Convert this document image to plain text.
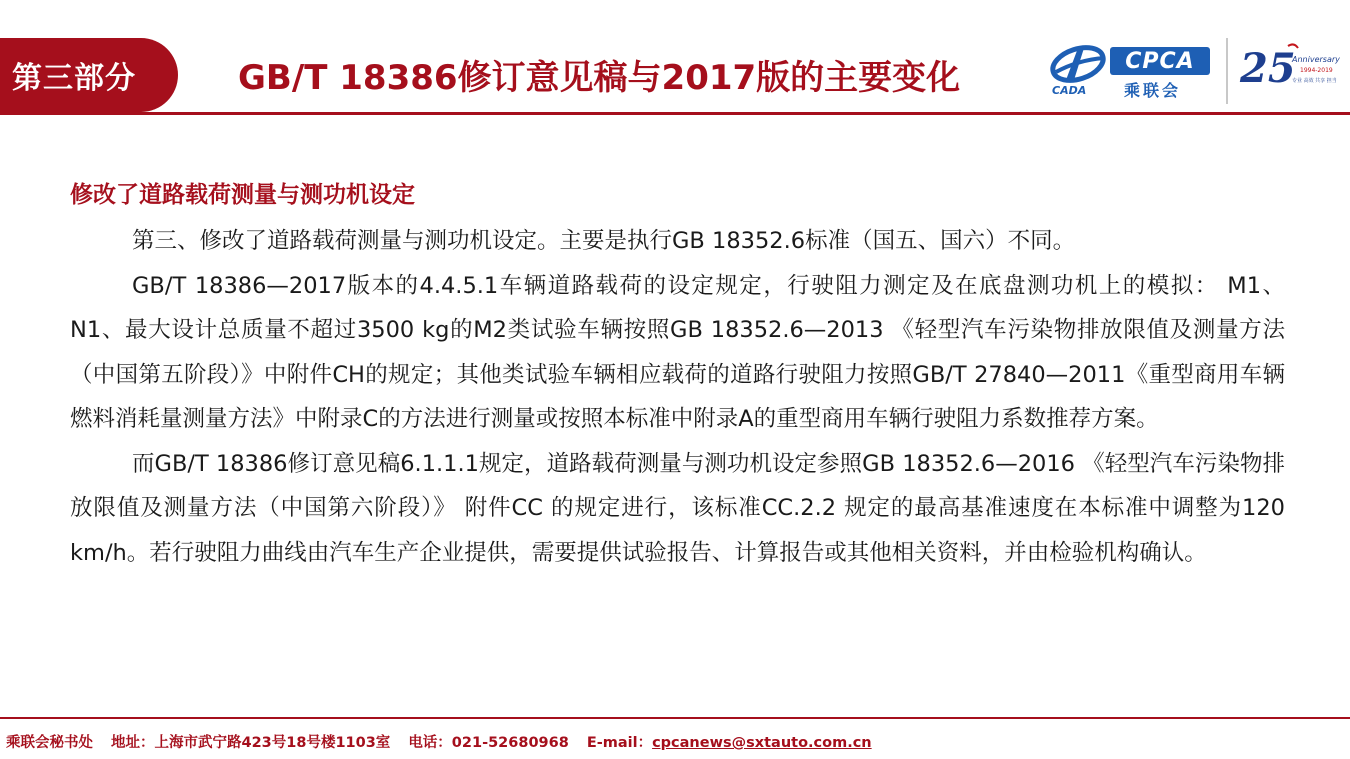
第三部分	GB/T 18386修订意见稿与2017版的主要变化	CADA
CPCA
乘联会 25
Anniversary
1994-2019
专业 高效 共享 担当
修改了道路载荷测量与测功机设定

第三、修改了道路载荷测量与测功机设定。主要是执行GB 18352.6标准（国五、国六）不同。

GB/T 18386—2017版本的4.4.5.1车辆道路载荷的设定规定，行驶阻力测定及在底盘测功机上的模拟： M1、 N1、最大设计总质量不超过3500 kg的M2类试验车辆按照GB 18352.6—2013 《轻型汽车污染物排放限值及测量方法（中国第五阶段）》中附件CH的规定；其他类试验车辆相应载荷的道路行驶阻力按照GB/T 27840—2011《重型商用车辆燃料消耗量测量方法》中附录C的方法进行测量或按照本标准中附录A的重型商用车辆行驶阻力系数推荐方案。

而GB/T 18386修订意见稿6.1.1.1规定，道路载荷测量与测功机设定参照GB 18352.6—2016 《轻型汽车污染物排放限值及测量方法（中国第六阶段）》 附件CC 的规定进行，该标准CC.2.2 规定的最高基准速度在本标准中调整为120 km/h。若行驶阻力曲线由汽车生产企业提供，需要提供试验报告、计算报告或其他相关资料，并由检验机构确认。

乘联会秘书处 地址：上海市武宁路423号18号楼1103室 电话：021-52680968 E-mail：cpcanews@sxtauto.com.cn
